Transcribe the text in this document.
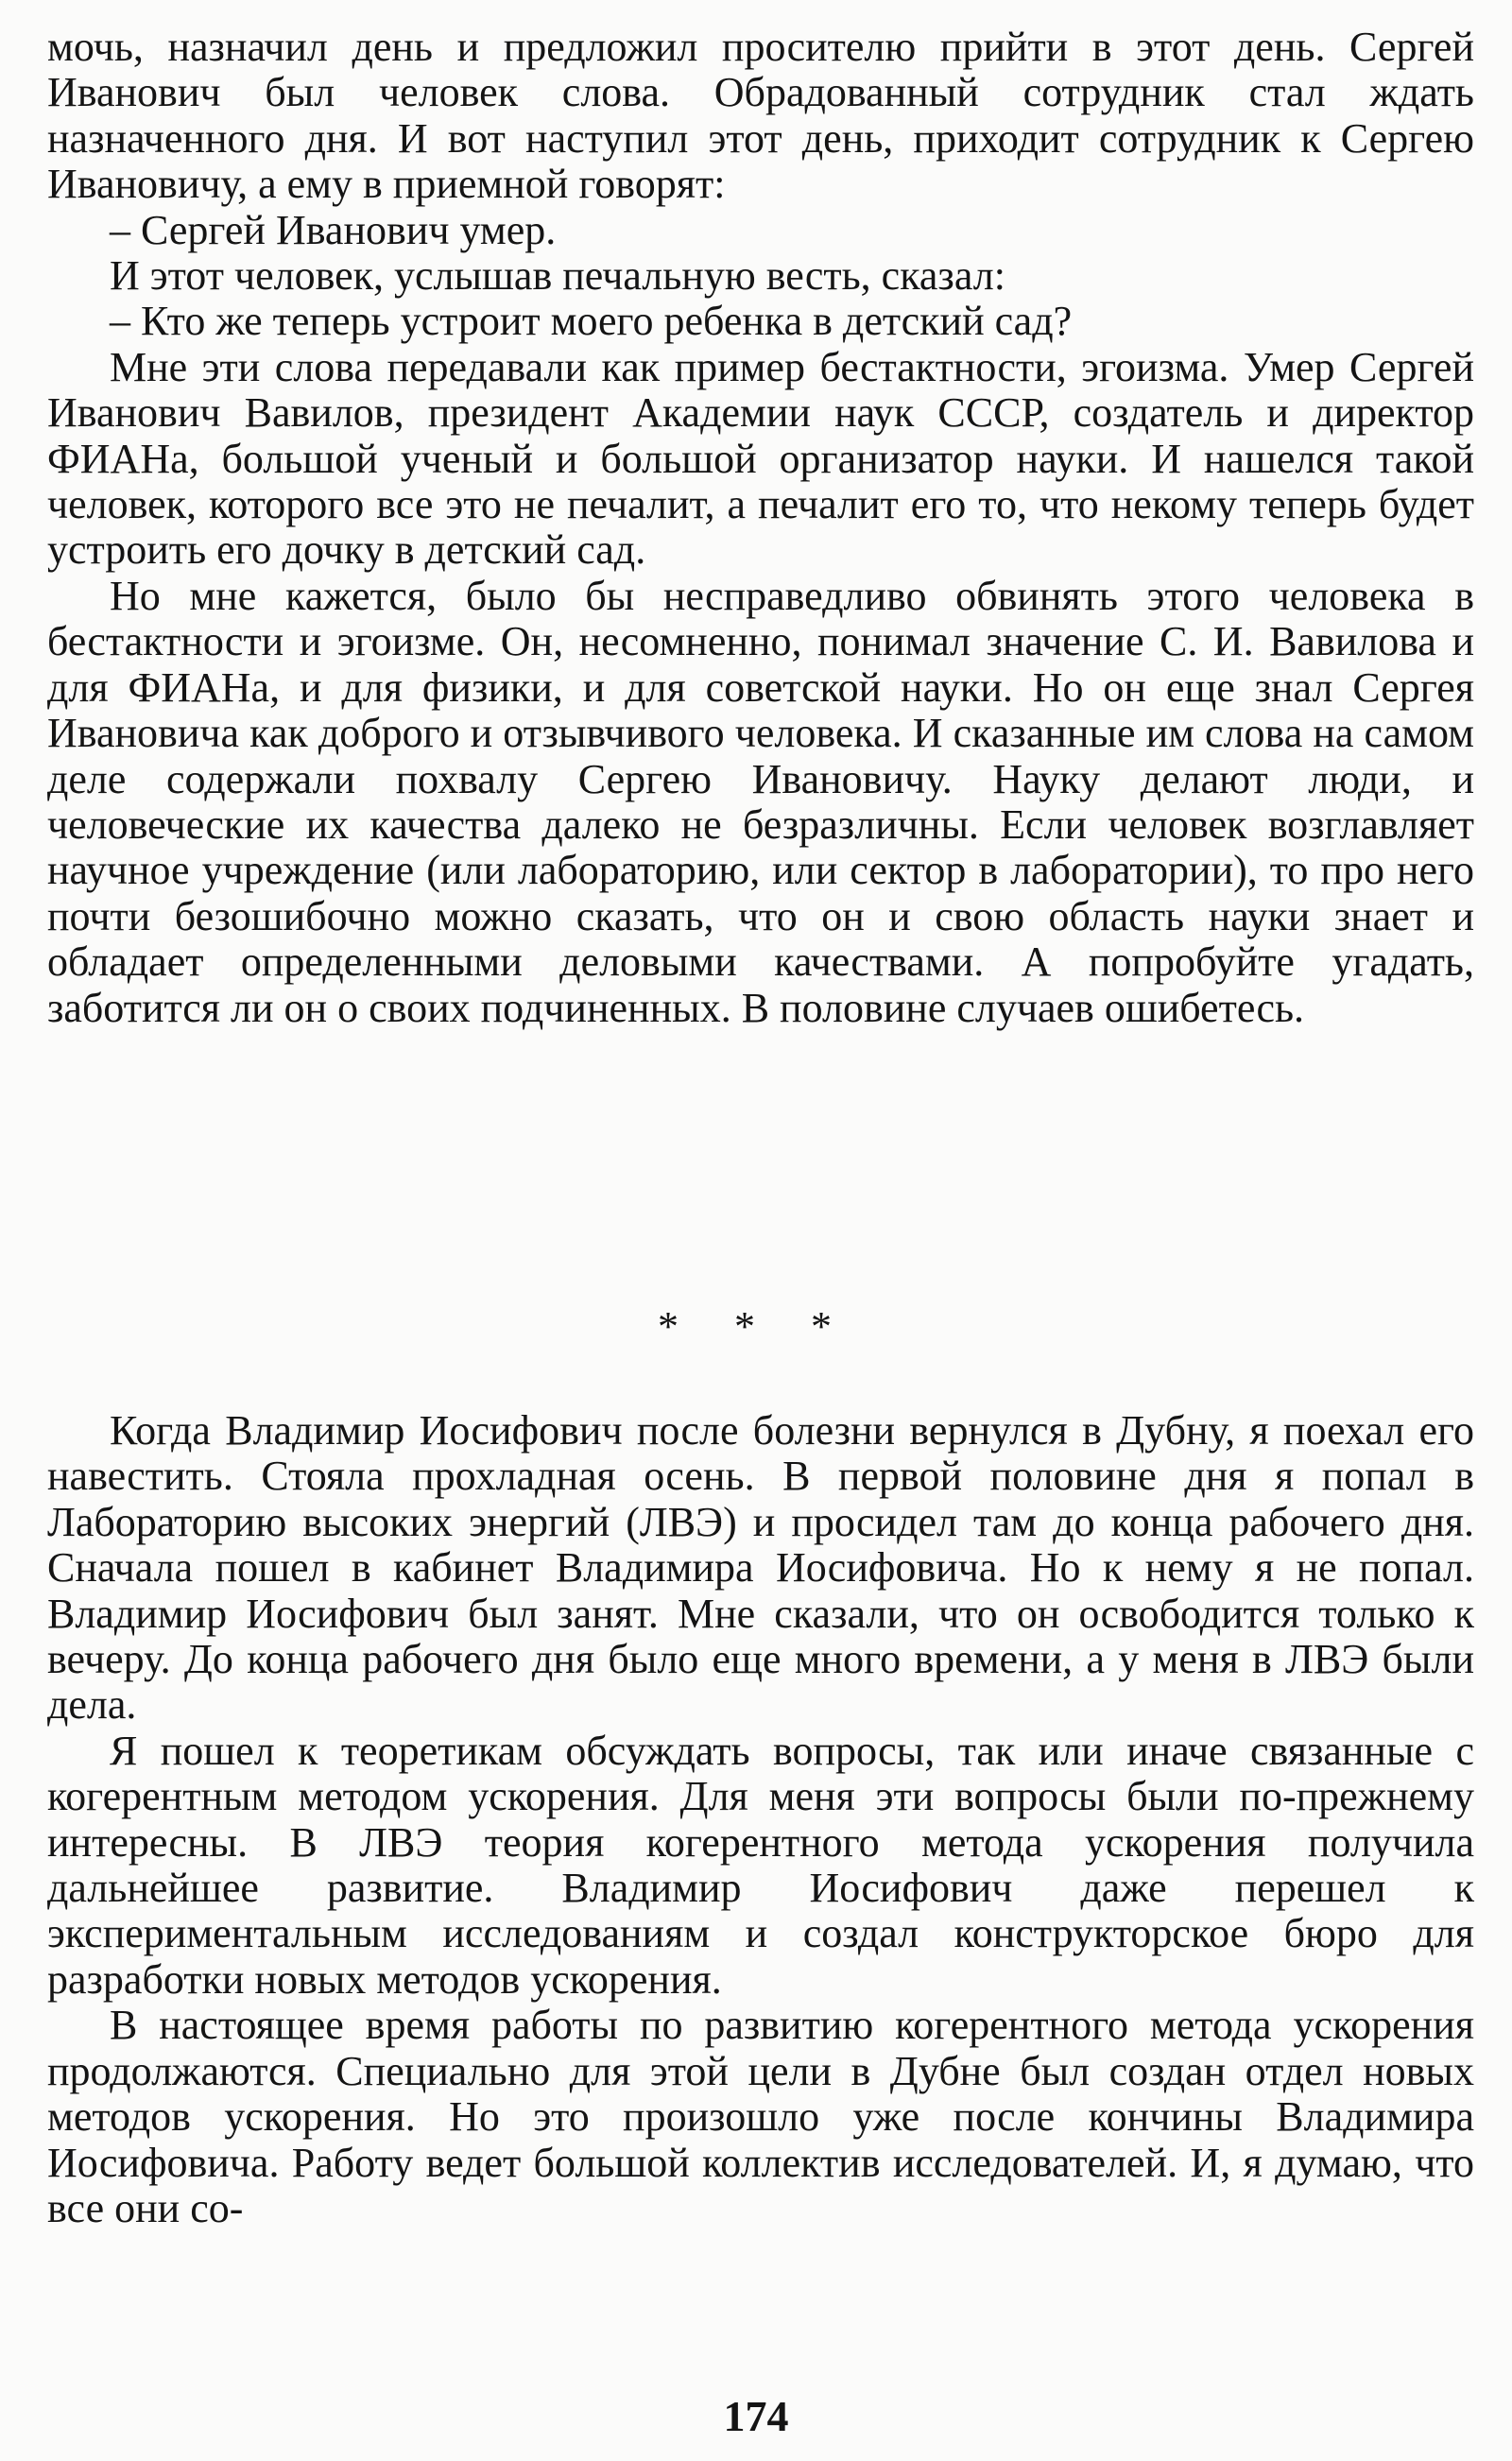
мочь, назначил день и предложил просителю прийти в этот день. Сергей Иванович был человек слова. Обрадованный сотрудник стал ждать назначенного дня. И вот наступил этот день, приходит сотрудник к Сергею Ивановичу, а ему в приемной говорят:

– Сергей Иванович умер.

И этот человек, услышав печальную весть, сказал:

– Кто же теперь устроит моего ребенка в детский сад?

Мне эти слова передавали как пример бестактности, эгоизма. Умер Сергей Иванович Вавилов, президент Академии наук СССР, создатель и директор ФИАНа, большой ученый и большой организатор науки. И нашелся такой человек, которого все это не печалит, а печалит его то, что некому теперь будет устроить его дочку в детский сад.

Но мне кажется, было бы несправедливо обвинять этого человека в бестактности и эгоизме. Он, несомненно, понимал значение С. И. Вавилова и для ФИАНа, и для физики, и для советской науки. Но он еще знал Сергея Ивановича как доброго и отзывчивого человека. И сказанные им слова на самом деле содержали похвалу Сергею Ивановичу. Науку делают люди, и человеческие их качества далеко не безразличны. Если человек возглавляет научное учреждение (или лабораторию, или сектор в лаборатории), то про него почти безошибочно можно сказать, что он и свою область науки знает и обладает определенными деловыми качествами. А попробуйте угадать, заботится ли он о своих подчиненных. В половине случаев ошибетесь.

* * *

Когда Владимир Иосифович после болезни вернулся в Дубну, я поехал его навестить. Стояла прохладная осень. В первой половине дня я попал в Лабораторию высоких энергий (ЛВЭ) и просидел там до конца рабочего дня. Сначала пошел в кабинет Владимира Иосифовича. Но к нему я не попал. Владимир Иосифович был занят. Мне сказали, что он освободится только к вечеру. До конца рабочего дня было еще много времени, а у меня в ЛВЭ были дела.

Я пошел к теоретикам обсуждать вопросы, так или иначе связанные с когерентным методом ускорения. Для меня эти вопросы были по-прежнему интересны. В ЛВЭ теория когерентного метода ускорения получила дальнейшее развитие. Владимир Иосифович даже перешел к экспериментальным исследованиям и создал конструкторское бюро для разработки новых методов ускорения.

В настоящее время работы по развитию когерентного метода ускорения продолжаются. Специально для этой цели в Дубне был создан отдел новых методов ускорения. Но это произошло уже после кончины Владимира Иосифовича. Работу ведет большой коллектив исследователей. И, я думаю, что все они со-

174
